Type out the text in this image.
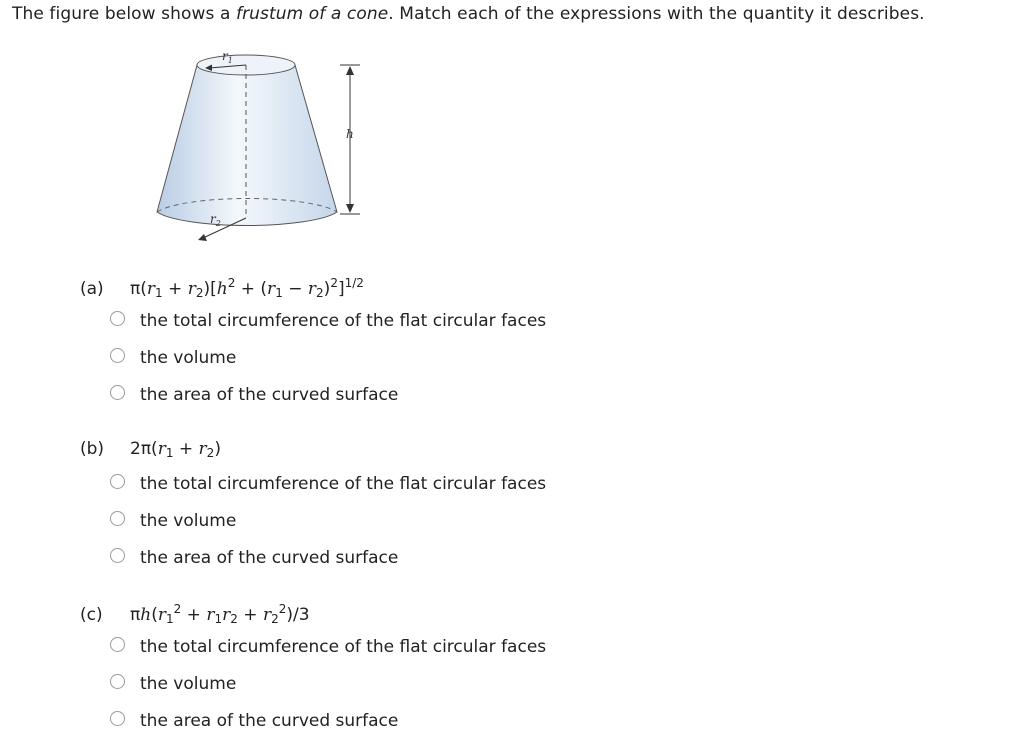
The figure below shows a frustum of a cone. Match each of the expressions with the quantity it describes.
$r_1$
$r_2$
h
(a)	$\pi(r_1 + r_2)[h^2 + (r_1 - r_2)^2]^{1/2}$
the total circumference of the flat circular faces
the volume
the area of the curved surface
(b)	$2\pi(r_1 + r_2)$
the total circumference of the flat circular faces
the volume
the area of the curved surface
(c)	$\pi h(r_1^2 + r_1r_2 + r_2^2)/3$
the total circumference of the flat circular faces
the volume
the area of the curved surface
